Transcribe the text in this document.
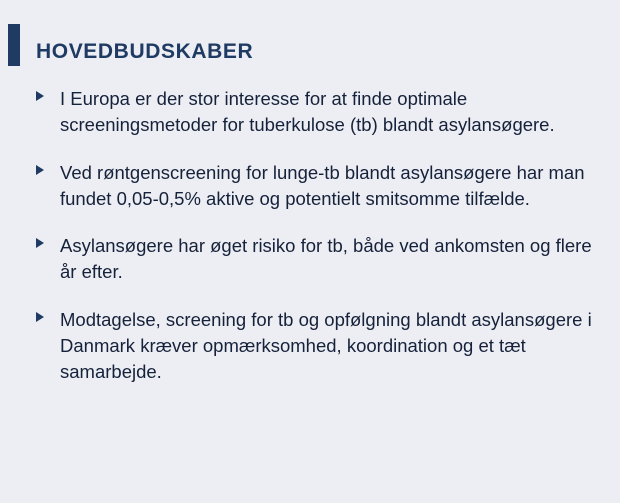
HOVEDBUDSKABER
I Europa er der stor interesse for at finde optimale screeningsmetoder for tuberkulose (tb) blandt asylansøgere.
Ved røntgenscreening for lunge-tb blandt asylansøgere har man fundet 0,05-0,5% aktive og potentielt smitsomme tilfælde.
Asylansøgere har øget risiko for tb, både ved ankomsten og flere år efter.
Modtagelse, screening for tb og opfølgning blandt asylansøgere i Danmark kræver opmærksomhed, koordination og et tæt samarbejde.
